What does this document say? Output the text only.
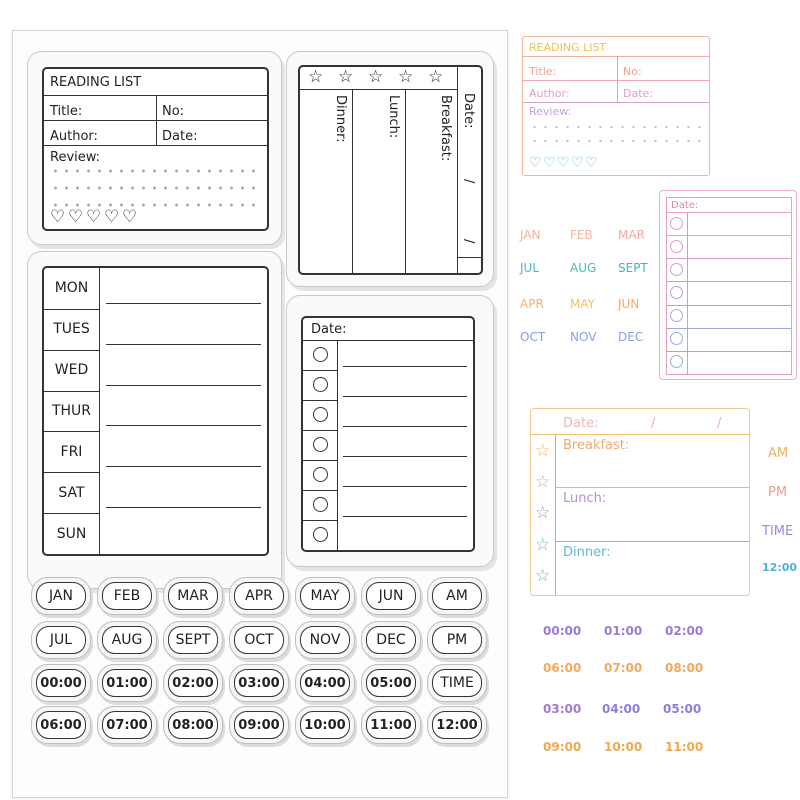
READING LIST
Title:	No:
Author:	Date:
Review:
♡ ♡ ♡ ♡ ♡
☆ ☆ ☆ ☆ ☆
Dinner:	Lunch:	Breakfast: Date:
/
/
MON
TUES
WED
THUR
FRI
SAT
SUN
Date:
JAN	FEB	MAR	APR	MAY	JUN	AM
JUL	AUG	SEPT	OCT	NOV	DEC	PM
00:00	01:00	02:00	03:00	04:00	05:00	TIME
06:00	07:00	08:00	09:00	10:00	11:00	12:00
READING LIST
Title:	No:
Author:	Date:
Review:
♡ ♡ ♡ ♡ ♡
JAN FEB MAR
JUL	AUG SEPT
APR MAY JUN
OCT NOV DEC
Date:
Date:	/	/
Breakfast:
Lunch:
Dinner:
☆
☆
☆
☆
☆
AM
PM
TIME
12:00
00:00 01:00 02:00
06:00 07:00 08:00
03:00 04:00 05:00
09:00 10:00 11:00
